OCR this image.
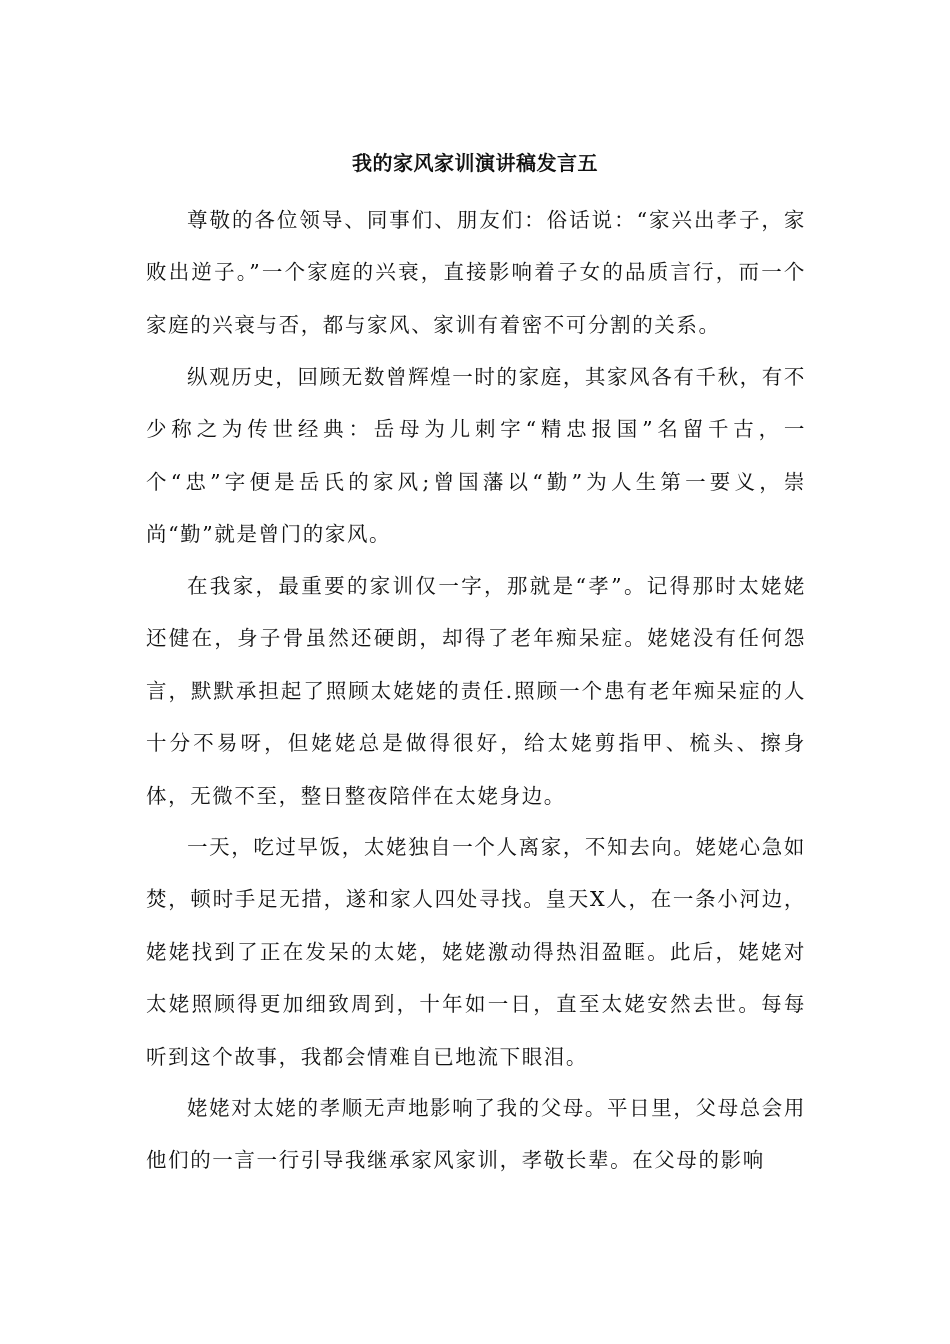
我的家风家训演讲稿发言五

尊敬的各位领导、同事们、朋友们：俗话说：“家兴出孝子，家败出逆子。”一个家庭的兴衰，直接影响着子女的品质言行，而一个家庭的兴衰与否，都与家风、家训有着密不可分割的关系。

纵观历史，回顾无数曾辉煌一时的家庭，其家风各有千秋，有不少称之为传世经典：岳母为儿刺字“精忠报国”名留千古，一个“忠”字便是岳氏的家风;曾国藩以“勤”为人生第一要义，崇尚“勤”就是曾门的家风。

在我家，最重要的家训仅一字，那就是“孝”。记得那时太姥姥还健在，身子骨虽然还硬朗，却得了老年痴呆症。姥姥没有任何怨言，默默承担起了照顾太姥姥的责任.照顾一个患有老年痴呆症的人十分不易呀，但姥姥总是做得很好，给太姥剪指甲、梳头、擦身体，无微不至，整日整夜陪伴在太姥身边。

一天，吃过早饭，太姥独自一个人离家，不知去向。姥姥心急如焚，顿时手足无措，遂和家人四处寻找。皇天X人，在一条小河边，姥姥找到了正在发呆的太姥，姥姥激动得热泪盈眶。此后，姥姥对太姥照顾得更加细致周到，十年如一日，直至太姥安然去世。每每听到这个故事，我都会情难自已地流下眼泪。

姥姥对太姥的孝顺无声地影响了我的父母。平日里，父母总会用他们的一言一行引导我继承家风家训，孝敬长辈。在父母的影响
